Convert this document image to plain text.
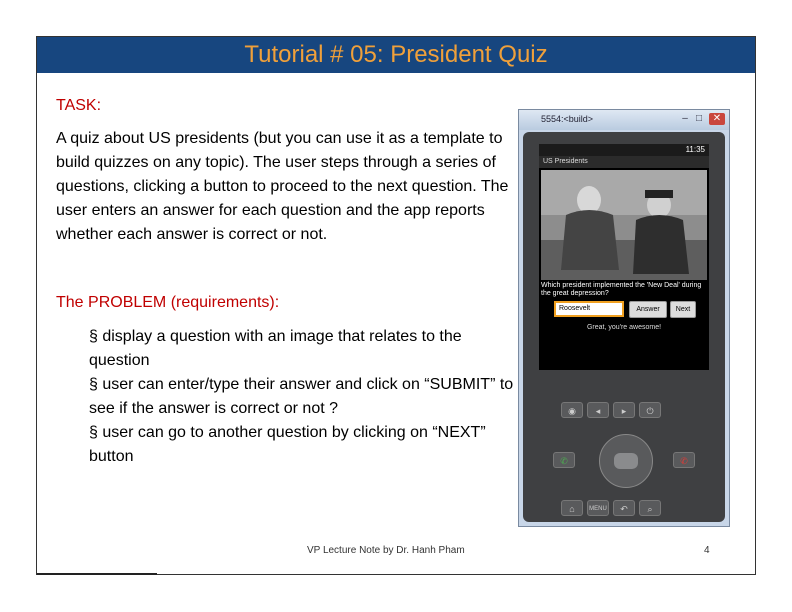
Tutorial # 05: President Quiz
TASK:
A quiz about US presidents (but you can use it as a template to build quizzes on any topic). The user steps through a series of questions, clicking a button to proceed to the next question. The user enters an answer for each question and the app reports whether each answer is correct or not.
The PROBLEM (requirements):
§ display a question with an image that relates to the question
§ user can enter/type their answer and click on “SUBMIT” to see if the answer is correct or not ?
§ user can go to another question by clicking on “NEXT” button
5554:<build>	– □	✕
11:35
US Presidents
Which president implemented the 'New Deal' during the great depression?
Roosevelt	Answer	Next
Great, you're awesome!
◉	◂	▸	⏻
✆	✆
⌂	MENU	↶	⌕
VP Lecture Note by Dr. Hanh Pham	4
